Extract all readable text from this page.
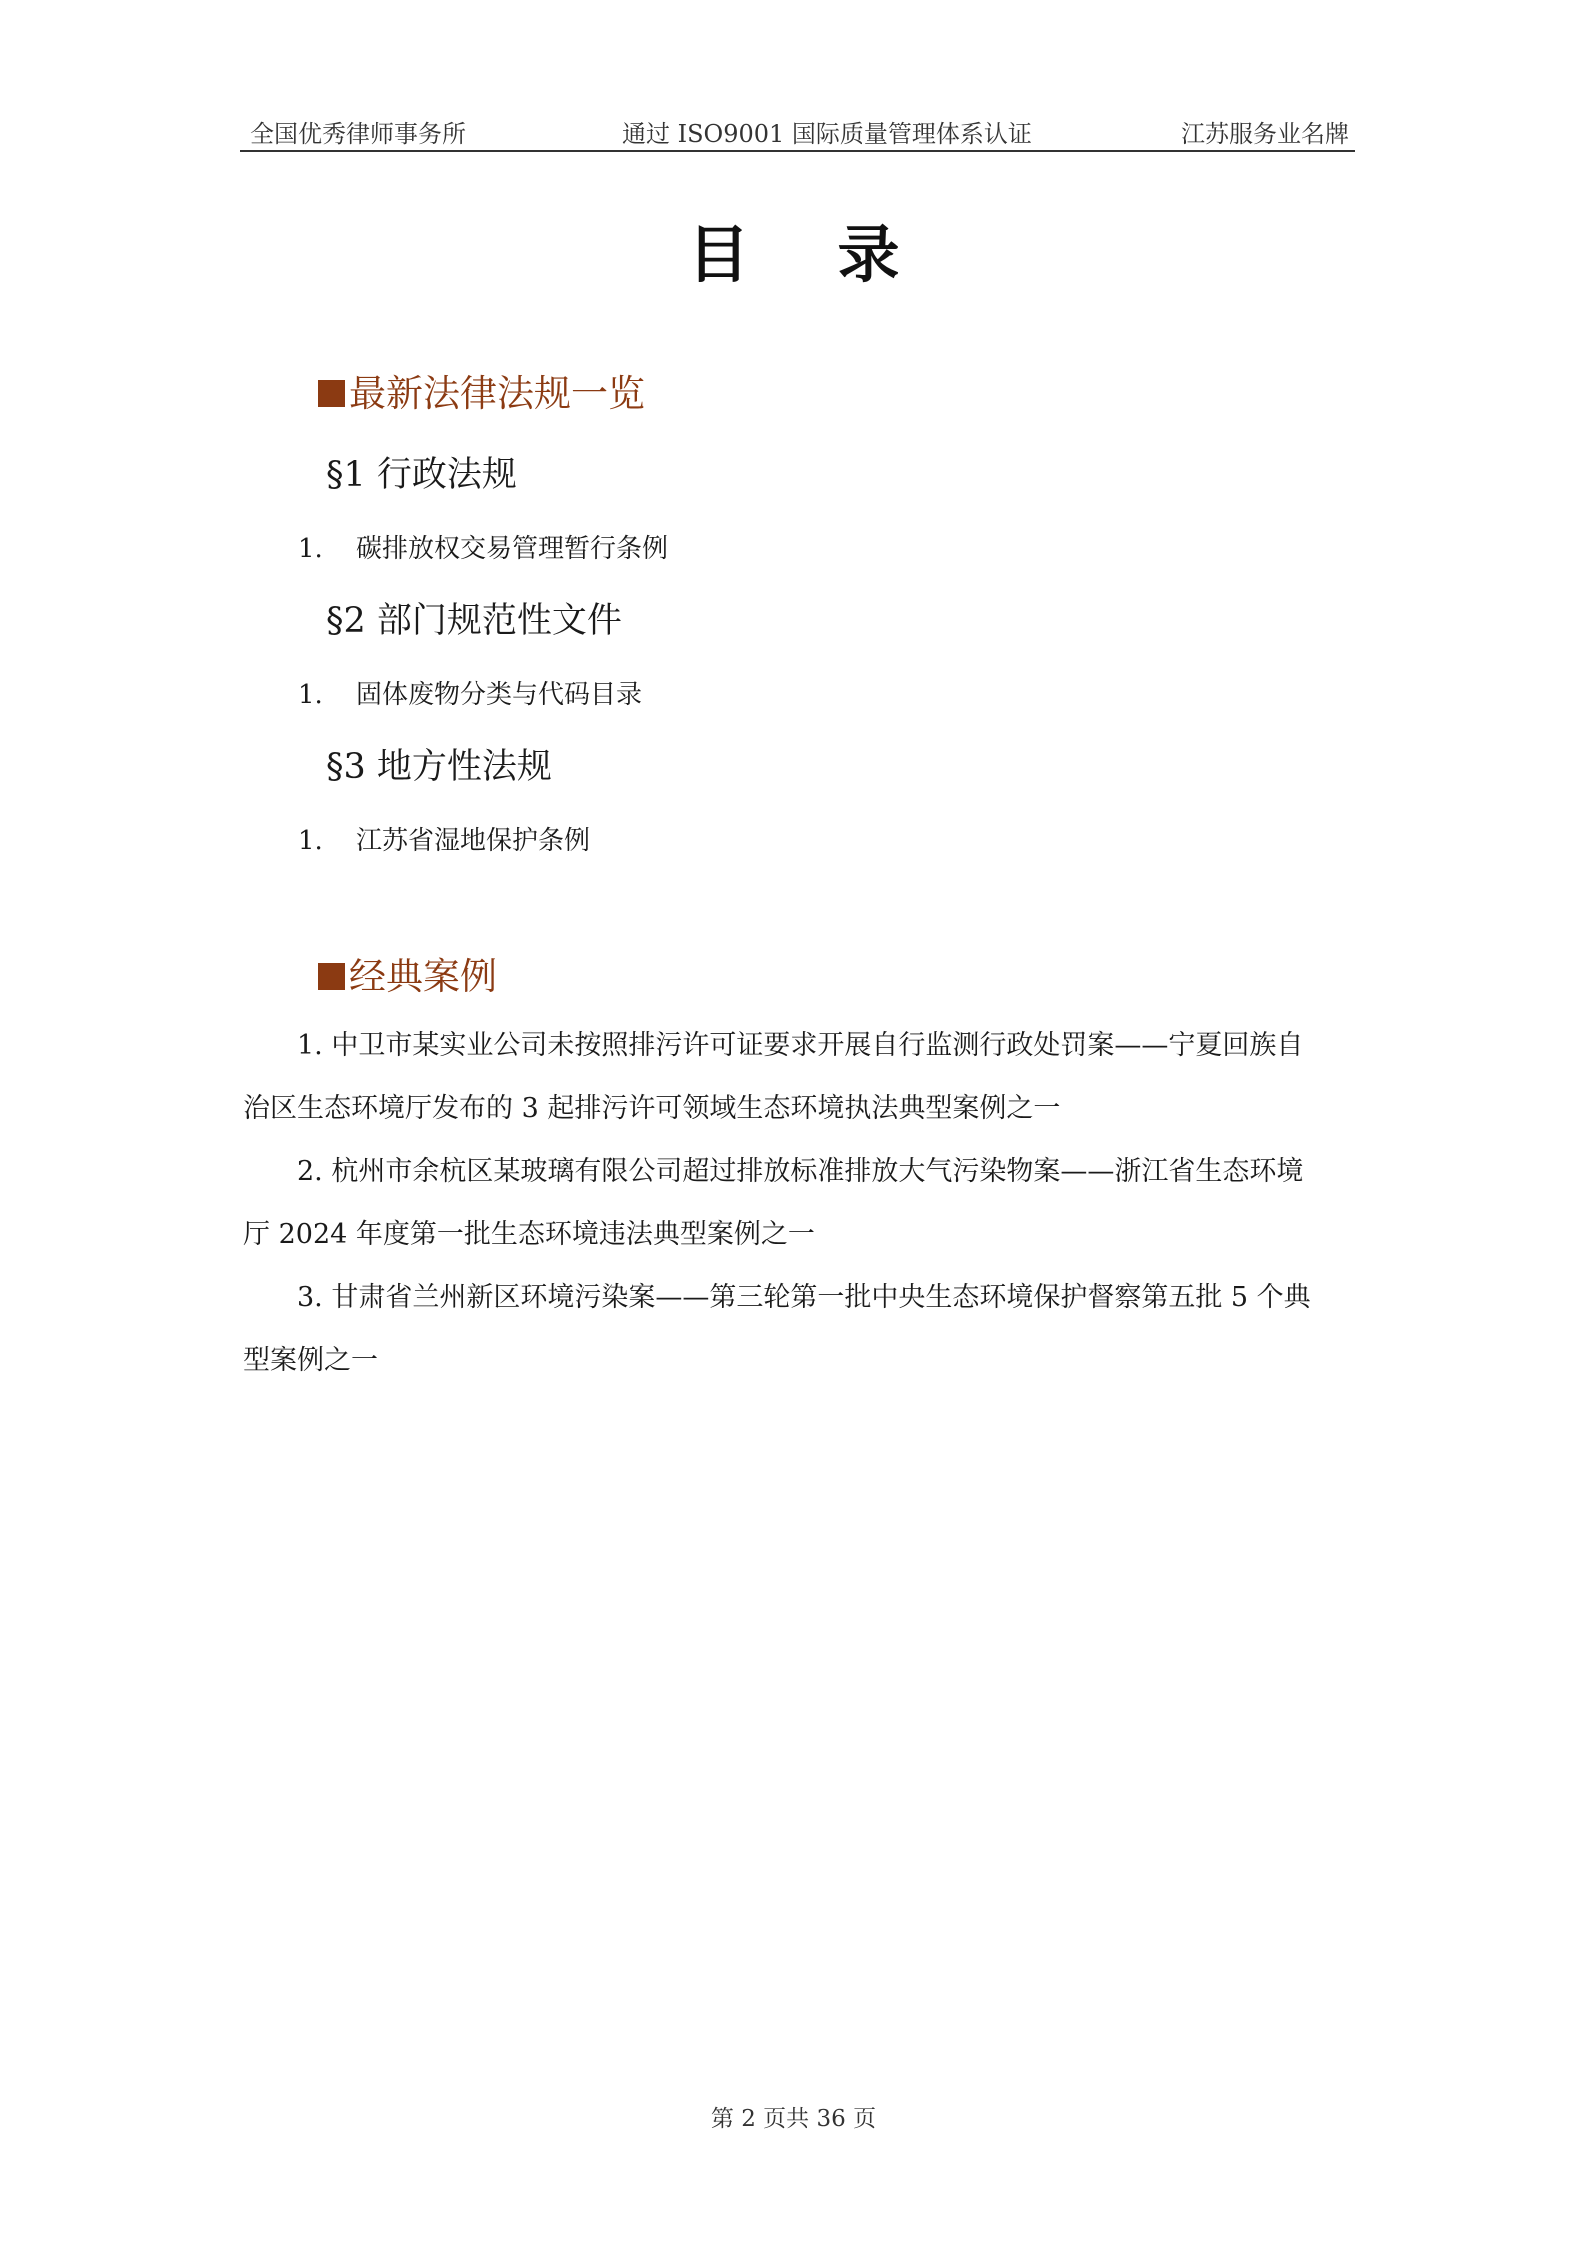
全国优秀律师事务所	通过 ISO9001 国际质量管理体系认证	江苏服务业名牌
目 录
最新法律法规一览
§1 行政法规
1. 碳排放权交易管理暂行条例
§2 部门规范性文件
1. 固体废物分类与代码目录
§3 地方性法规
1. 江苏省湿地保护条例
经典案例
1. 中卫市某实业公司未按照排污许可证要求开展自行监测行政处罚案——宁夏回族自
治区生态环境厅发布的 3 起排污许可领域生态环境执法典型案例之一
2. 杭州市余杭区某玻璃有限公司超过排放标准排放大气污染物案——浙江省生态环境
厅 2024 年度第一批生态环境违法典型案例之一
3. 甘肃省兰州新区环境污染案——第三轮第一批中央生态环境保护督察第五批 5 个典
型案例之一
第 2 页共 36 页
